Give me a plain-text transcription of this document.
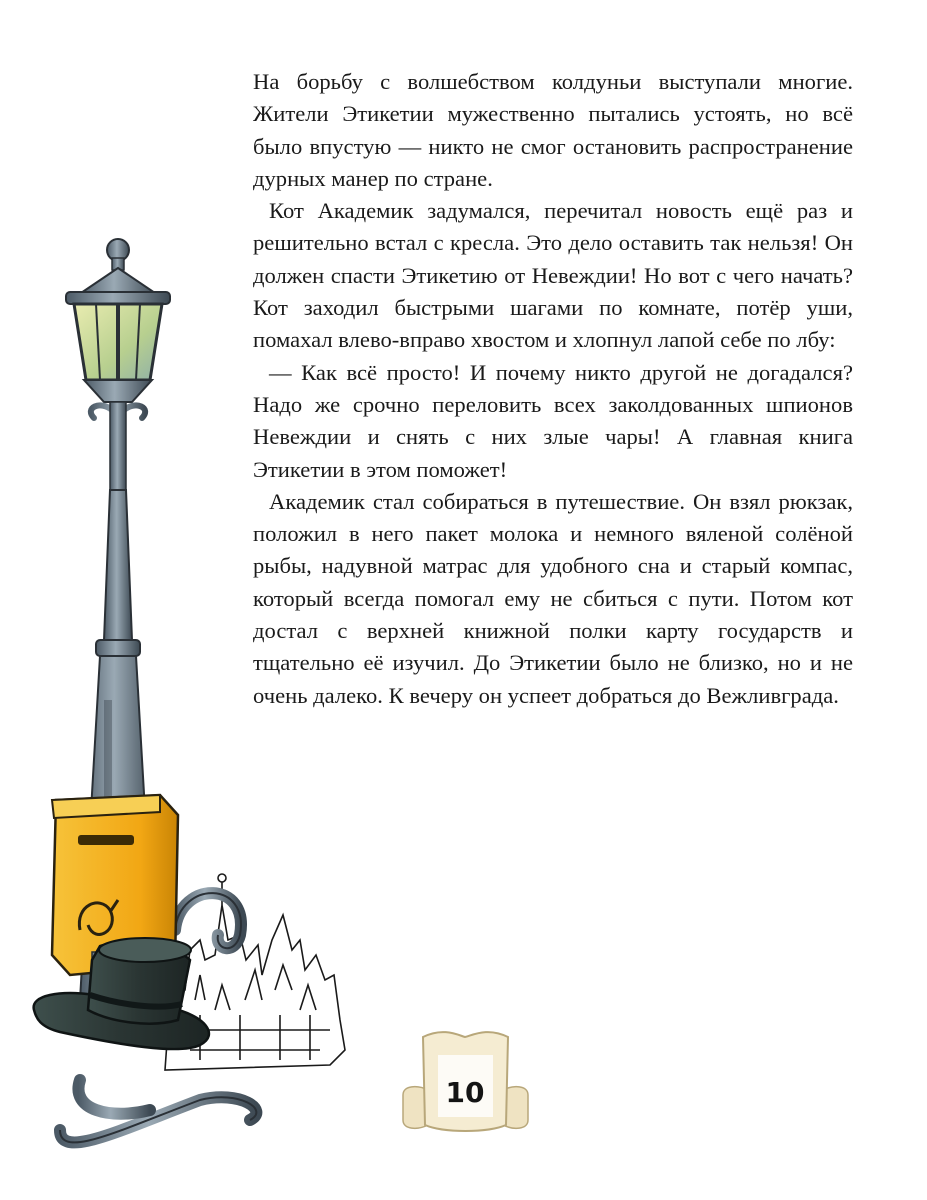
На борьбу с волшебством колдуньи выступали многие. Жители Этикетии мужественно пытались устоять, но всё было впустую — никто не смог остановить распространение дурных манер по стране.

Кот Академик задумался, перечитал новость ещё раз и решительно встал с кресла. Это дело оставить так нельзя! Он должен спасти Этикетию от Невеждии! Но вот с чего начать? Кот заходил быстрыми шагами по комнате, потёр уши, помахал влево-вправо хвостом и хлопнул лапой себе по лбу:

— Как всё просто! И почему никто другой не догадался? Надо же срочно переловить всех заколдованных шпионов Невеждии и снять с них злые чары! А главная книга Этикетии в этом поможет!

Академик стал собираться в путешествие. Он взял рюкзак, положил в него пакет молока и немного вяленой солёной рыбы, надувной матрас для удобного сна и старый компас, который всегда помогал ему не сбиться с пути. Потом кот достал с верхней книжной полки карту государств и тщательно её изучил. До Этикетии было не близко, но и не очень далеко. К вечеру он успеет добраться до Вежливграда.

10
